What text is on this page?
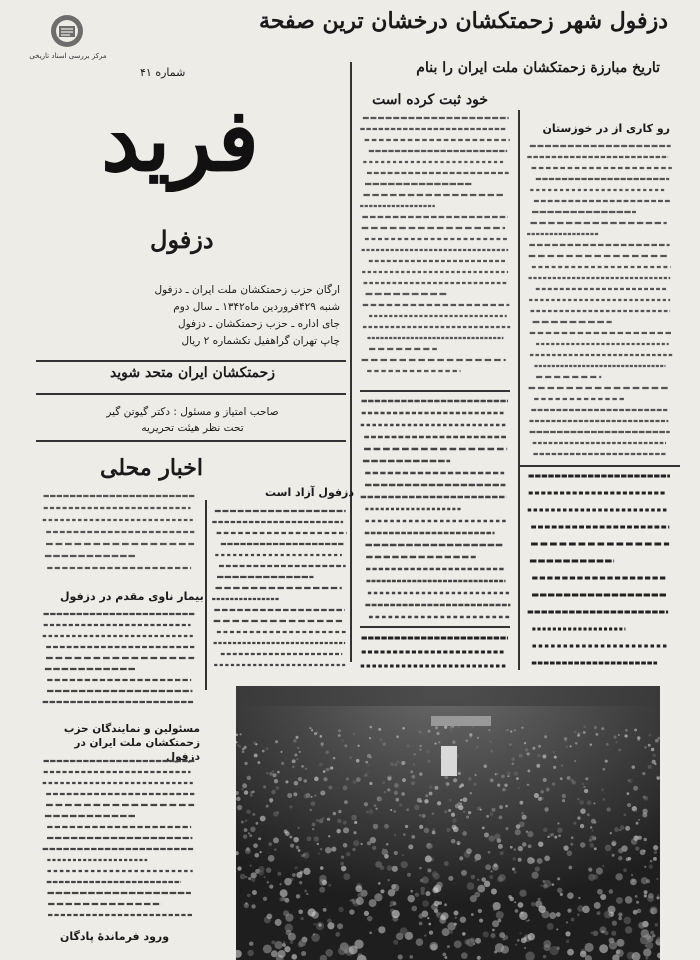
مرکز بررسی اسناد تاریخی
دزفول شهر زحمتکشان درخشان ترین صفحة
تاریخ مبارزة زحمتکشان ملت ایران را بنام
خود ثبت کرده است
شماره ۴۱
فرید
دزفول
ارگان حزب زحمتکشان ملت ایران ـ دزفول
شنبه ۴۲۹فروردین ماه۱۳۴۲ ـ سال دوم
جای اداره ـ حزب زحمتکشان ـ دزفول
چاپ تهران گراهفیل تکشماره ۲ ریال
زحمتکشان ایران متحد شوید
صاحب امتیاز و مسئول : دکتر گیوتن گیر
تحت نظر هیئت تحریریه
اخبار محلی
رو کاری از در خوزستان
دزفول آزاد است
بیمار ناوی مقدم در دزفول
مسئولین و نمایندگان حزب زحمتکشان ملت ایران در دزفول
ورود فرماندهٔ پادگان
